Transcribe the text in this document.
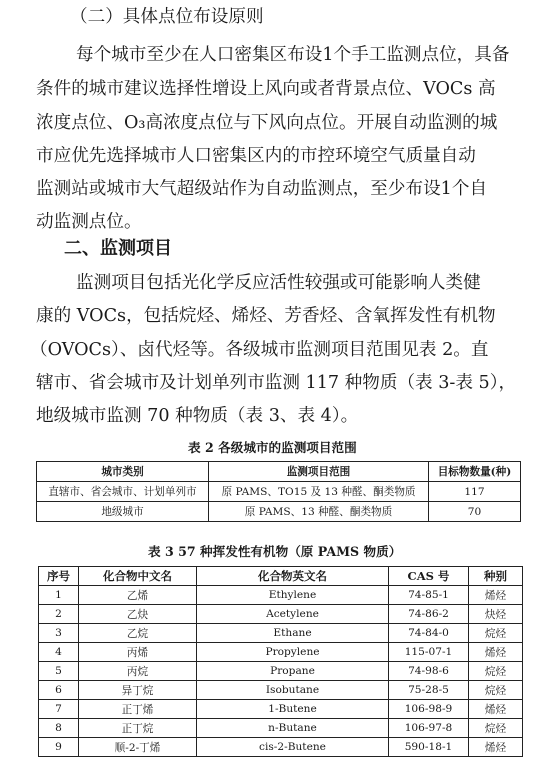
（二）具体点位布设原则
每个城市至少在人口密集区布设1个手工监测点位，具备
条件的城市建议选择性增设上风向或者背景点位、VOCs 高
浓度点位、O₃高浓度点位与下风向点位。开展自动监测的城
市应优先选择城市人口密集区内的市控环境空气质量自动
监测站或城市大气超级站作为自动监测点，至少布设1个自
动监测点位。
二、监测项目
监测项目包括光化学反应活性较强或可能影响人类健
康的 VOCs，包括烷烃、烯烃、芳香烃、含氧挥发性有机物
（OVOCs）、卤代烃等。各级城市监测项目范围见表 2。直
辖市、省会城市及计划单列市监测 117 种物质（表 3-表 5），
地级城市监测 70 种物质（表 3、表 4）。
表 2 各级城市的监测项目范围
城市类别	监测项目范围	目标物数量(种)
直辖市、省会城市、计划单列市	原 PAMS、TO15 及 13 种醛、酮类物质	117
地级城市	原 PAMS、13 种醛、酮类物质	70
表 3 57 种挥发性有机物（原 PAMS 物质）
序号	化合物中文名	化合物英文名	CAS 号	种别
1	乙烯	Ethylene	74-85-1	烯烃
2	乙炔	Acetylene	74-86-2	炔烃
3	乙烷	Ethane	74-84-0	烷烃
4	丙烯	Propylene	115-07-1	烯烃
5	丙烷	Propane	74-98-6	烷烃
6	异丁烷	Isobutane	75-28-5	烷烃
7	正丁烯	1-Butene	106-98-9	烯烃
8	正丁烷	n-Butane	106-97-8	烷烃
9	顺-2-丁烯	cis-2-Butene	590-18-1	烯烃
